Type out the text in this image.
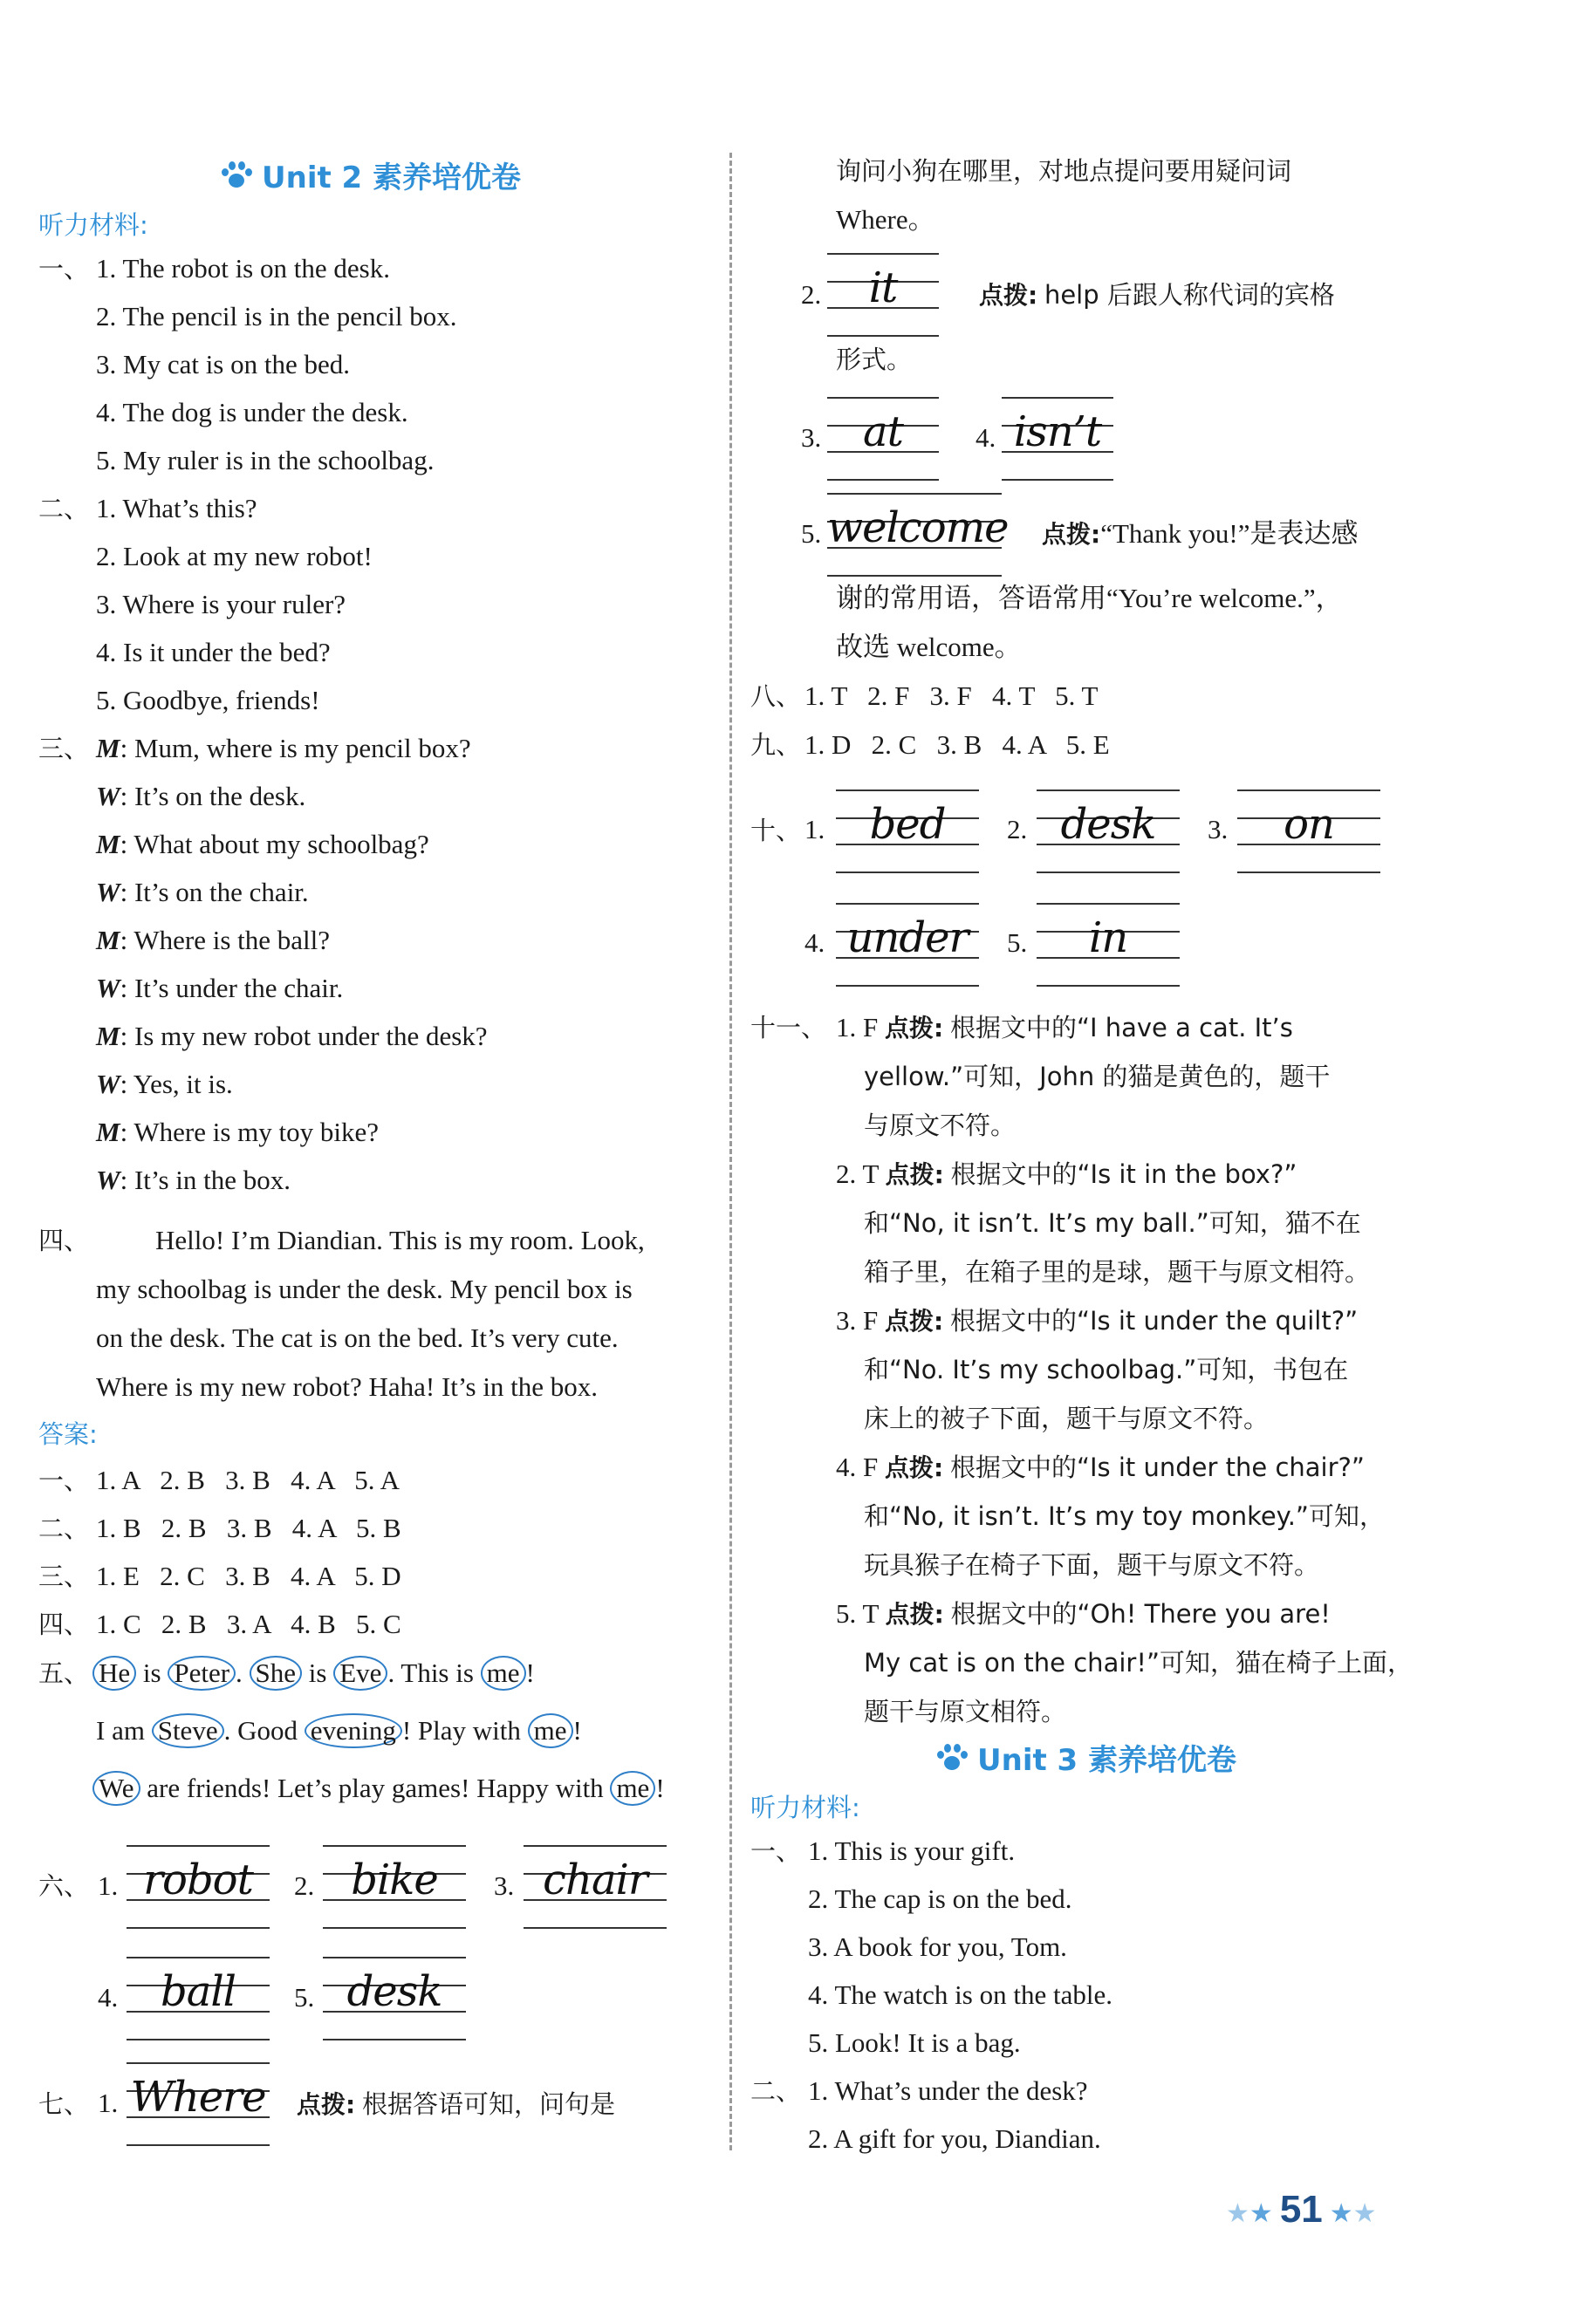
Unit 2 素养培优卷
听力材料:
一、 1. The robot is on the desk.
2. The pencil is in the pencil box.
3. My cat is on the bed.
4. The dog is under the desk.
5. My ruler is in the schoolbag.
二、 1. What’s this?
2. Look at my new robot!
3. Where is your ruler?
4. Is it under the bed?
5. Goodbye, friends!
三、 M: Mum, where is my pencil box?
W: It’s on the desk.
M: What about my schoolbag?
W: It’s on the chair.
M: Where is the ball?
W: It’s under the chair.
M: Is my new robot under the desk?
W: Yes, it is.
M: Where is my toy bike?
W: It’s in the box.
四、 Hello! I’m Diandian. This is my room. Look,
my schoolbag is under the desk. My pencil box is
on the desk. The cat is on the bed. It’s very cute.
Where is my new robot? Haha! It’s in the box.
答案:
一、 1. A   2. B   3. B   4. A   5. A
二、 1. B   2. B   3. B   4. A   5. B
三、 1. E   2. C   3. B   4. A   5. D
四、 1. C   2. B   3. A   4. B   5. C
五、 He is Peter . She is Eve . This is me !
I am Steve . Good evening ! Play with me !
We are friends! Let’s play games! Happy with me !
六、 1. robot	2. bike	3. chair
4.	ball	5. desk
七、 1. Where 点拨: 根据答语可知，问句是
询问小狗在哪里，对地点提问要用疑问词
Where。
2.	it	点拨: help 后跟人称代词的宾格
形式。
3. at	4. isn’t
5. welcome 点拨:“Thank you!”是表达感
谢的常用语，答语常用“You’re welcome.”，
故选 welcome。
八、 1. T   2. F   3. F   4. T   5. T
九、 1. D   2. C   3. B   4. A   5. E
十、 1.	bed	2. desk	3.	on
4. under	5.	in
十一、 1. F 点拨: 根据文中的“I have a cat. It’s
yellow.”可知，John 的猫是黄色的，题干
与原文不符。
2. T 点拨: 根据文中的“Is it in the box?”
和“No, it isn’t. It’s my ball.”可知，猫不在
箱子里，在箱子里的是球，题干与原文相符。
3. F 点拨: 根据文中的“Is it under the quilt?”
和“No. It’s my schoolbag.”可知，书包在
床上的被子下面，题干与原文不符。
4. F 点拨: 根据文中的“Is it under the chair?”
和“No, it isn’t. It’s my toy monkey.”可知，
玩具猴子在椅子下面，题干与原文不符。
5. T 点拨: 根据文中的“Oh! There you are!
My cat is on the chair!”可知，猫在椅子上面，
题干与原文相符。
Unit 3 素养培优卷
听力材料:
一、 1. This is your gift.
2. The cap is on the bed.
3. A book for you, Tom.
4. The watch is on the table.
5. Look! It is a bag.
二、 1. What’s under the desk?
2. A gift for you, Diandian.
★★ 51 ★★
